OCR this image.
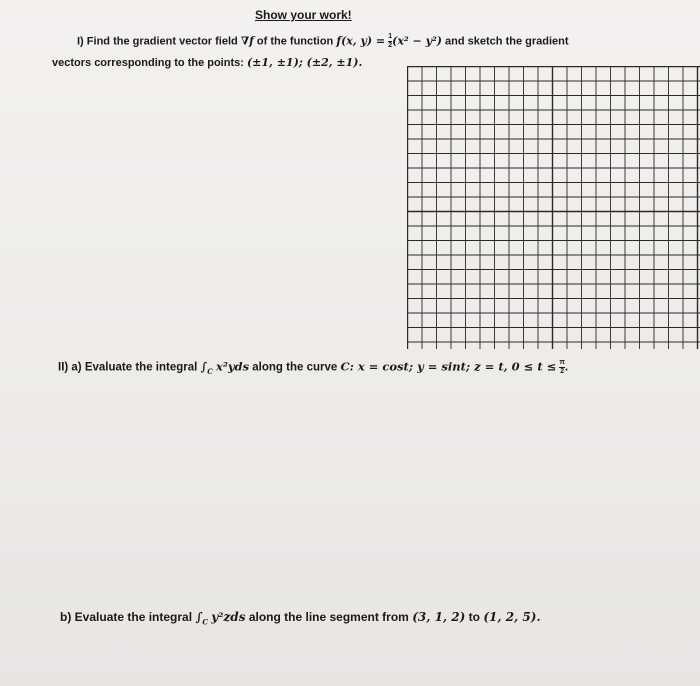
Show your work!
I) Find the gradient vector field ∇f of the function f(x, $y) = \frac{1}{2} (x^2 - y^2)$ and sketch the gradient
vectors corresponding to the points: (±1, ±1); (±2, ±1).
II) a) Evaluate the integral $\int_C$ x²yds along the curve C: x = cost; y = sint; z = t, $0 \le t \le \frac{\pi}{2}$ .
b) Evaluate the integral $\int_C$ y²zds along the line segment from (3, 1, 2) to (1, 2, 5).
